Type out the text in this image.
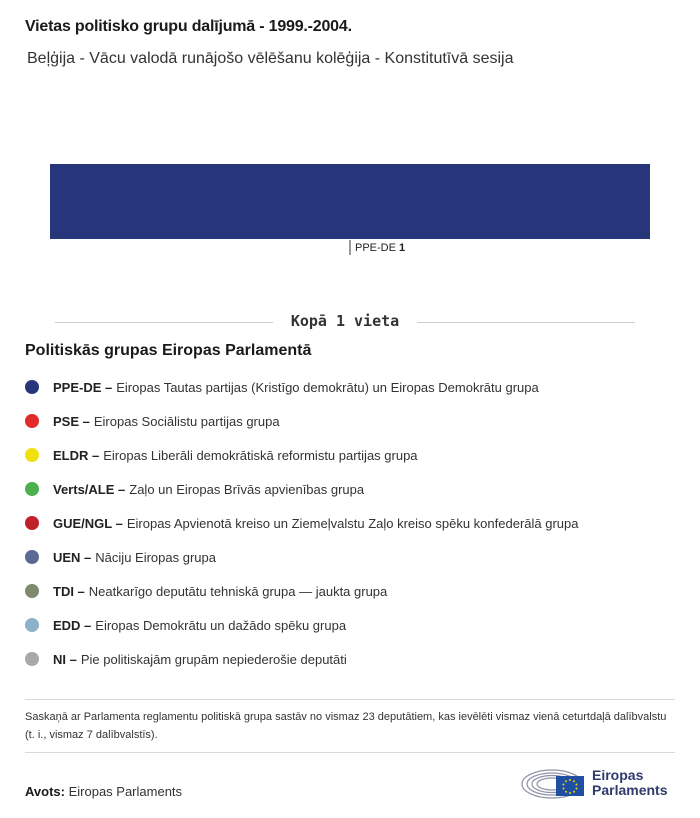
Vietas politisko grupu dalījumā - 1999.-2004.
Beļģija - Vācu valodā runājošo vēlēšanu kolēģija - Konstitutīvā sesija
PPE-DE 1
Kopā 1 vieta
Politiskās grupas Eiropas Parlamentā
PPE-DE – Eiropas Tautas partijas (Kristīgo demokrātu) un Eiropas Demokrātu grupa
PSE – Eiropas Sociālistu partijas grupa
ELDR – Eiropas Liberāli demokrātiskā reformistu partijas grupa
Verts/ALE – Zaļo un Eiropas Brīvās apvienības grupa
GUE/NGL – Eiropas Apvienotā kreiso un Ziemeļvalstu Zaļo kreiso spēku konfederālā grupa
UEN – Nāciju Eiropas grupa
TDI – Neatkarīgo deputātu tehniskā grupa — jaukta grupa
EDD – Eiropas Demokrātu un dažādo spēku grupa
NI – Pie politiskajām grupām nepiederošie deputāti
Saskaņā ar Parlamenta reglamentu politiskā grupa sastāv no vismaz 23 deputātiem, kas ievēlēti vismaz vienā ceturtdaļā dalībvalstu (t. i., vismaz 7 dalībvalstīs).
Avots: Eiropas Parlaments
Eiropas
Parlaments
